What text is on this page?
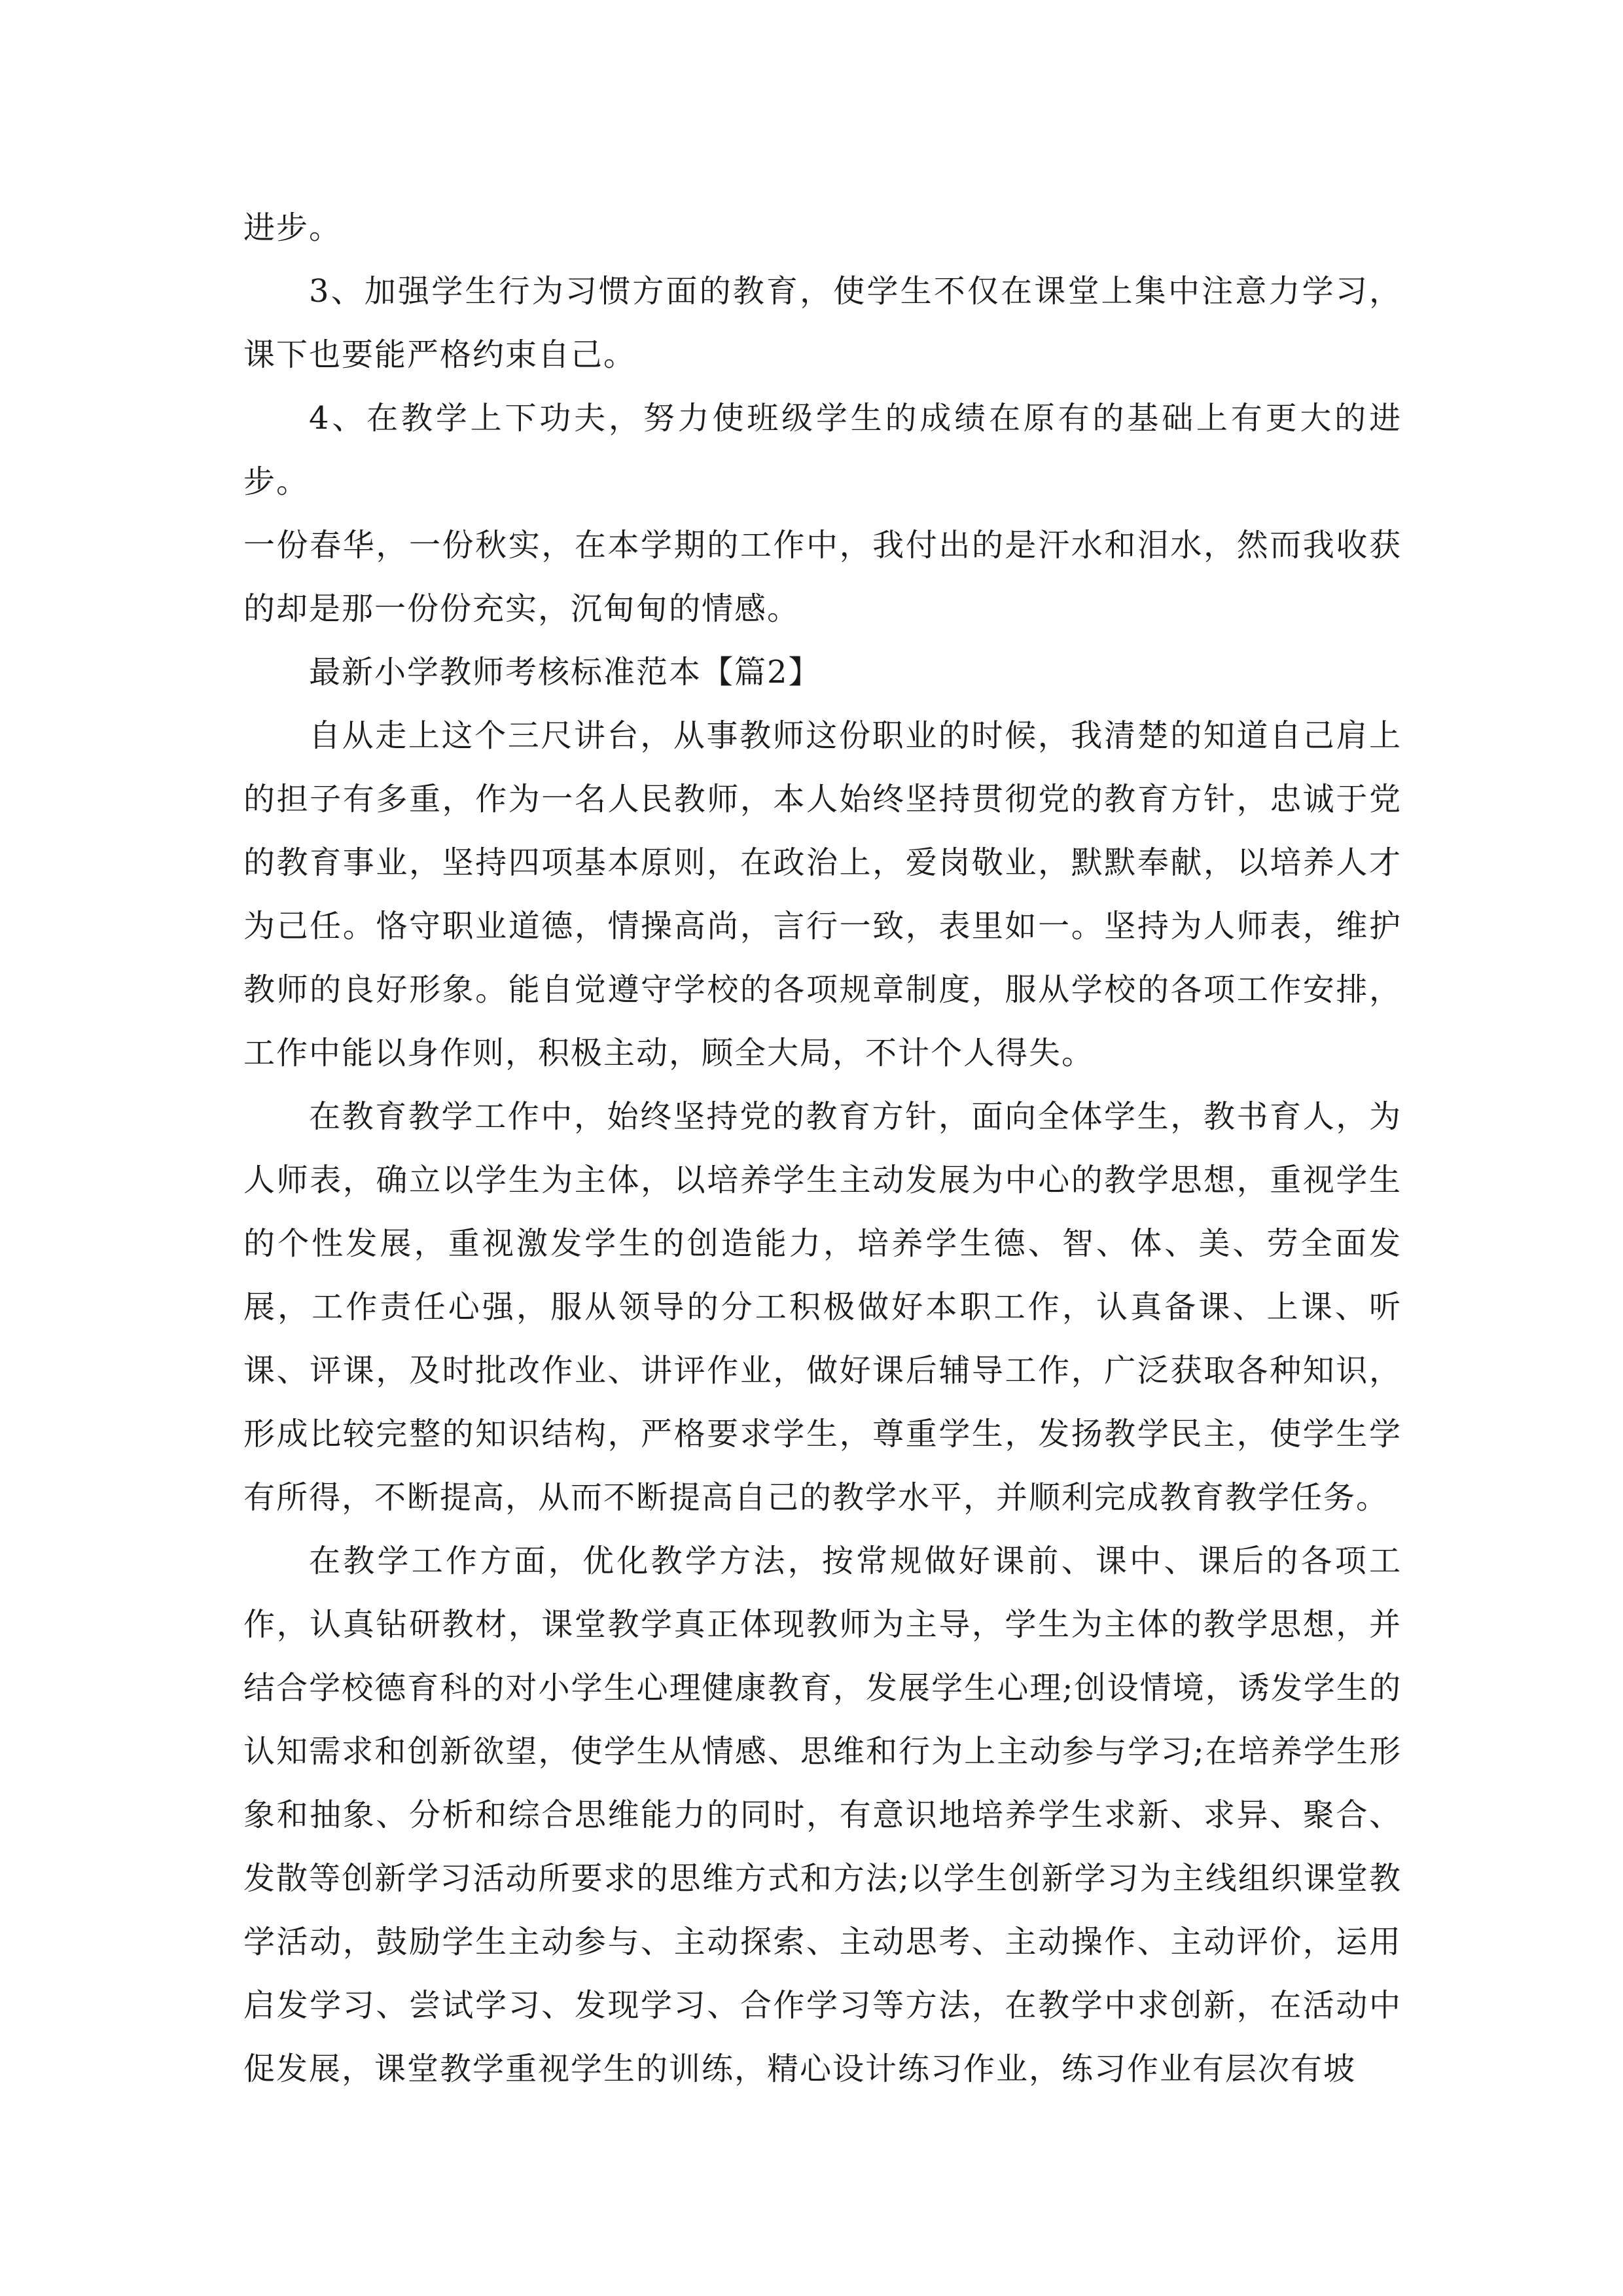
进步。

3、加强学生行为习惯方面的教育，使学生不仅在课堂上集中注意力学习，课下也要能严格约束自己。

4、在教学上下功夫，努力使班级学生的成绩在原有的基础上有更大的进步。

一份春华，一份秋实，在本学期的工作中，我付出的是汗水和泪水，然而我收获的却是那一份份充实，沉甸甸的情感。

最新小学教师考核标准范本【篇2】

自从走上这个三尺讲台，从事教师这份职业的时候，我清楚的知道自己肩上的担子有多重，作为一名人民教师，本人始终坚持贯彻党的教育方针，忠诚于党的教育事业，坚持四项基本原则，在政治上，爱岗敬业，默默奉献，以培养人才为己任。恪守职业道德，情操高尚，言行一致，表里如一。坚持为人师表，维护教师的良好形象。能自觉遵守学校的各项规章制度，服从学校的各项工作安排，工作中能以身作则，积极主动，顾全大局，不计个人得失。

在教育教学工作中，始终坚持党的教育方针，面向全体学生，教书育人，为人师表，确立以学生为主体，以培养学生主动发展为中心的教学思想，重视学生的个性发展，重视激发学生的创造能力，培养学生德、智、体、美、劳全面发展，工作责任心强，服从领导的分工积极做好本职工作，认真备课、上课、听课、评课，及时批改作业、讲评作业，做好课后辅导工作，广泛获取各种知识，形成比较完整的知识结构，严格要求学生，尊重学生，发扬教学民主，使学生学有所得，不断提高，从而不断提高自己的教学水平，并顺利完成教育教学任务。

在教学工作方面，优化教学方法，按常规做好课前、课中、课后的各项工作，认真钻研教材，课堂教学真正体现教师为主导，学生为主体的教学思想，并结合学校德育科的对小学生心理健康教育，发展学生心理;创设情境，诱发学生的认知需求和创新欲望，使学生从情感、思维和行为上主动参与学习;在培养学生形象和抽象、分析和综合思维能力的同时，有意识地培养学生求新、求异、聚合、发散等创新学习活动所要求的思维方式和方法;以学生创新学习为主线组织课堂教学活动，鼓励学生主动参与、主动探索、主动思考、主动操作、主动评价，运用启发学习、尝试学习、发现学习、合作学习等方法，在教学中求创新，在活动中促发展，课堂教学重视学生的训练，精心设计练习作业，练习作业有层次有坡
